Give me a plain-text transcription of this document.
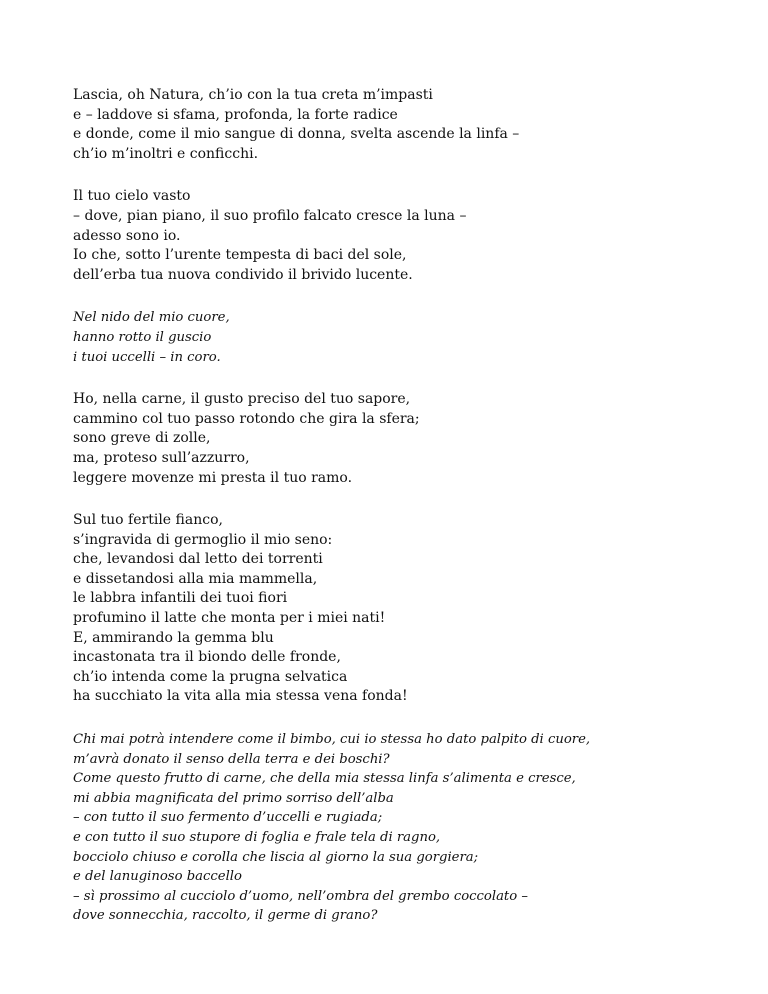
Lascia, oh Natura, ch’io con la tua creta m’impasti
e – laddove si sfama, profonda, la forte radice
e donde, come il mio sangue di donna, svelta ascende la linfa –
ch’io m’inoltri e conficchi.
Il tuo cielo vasto
– dove, pian piano, il suo profilo falcato cresce la luna –
adesso sono io.
Io che, sotto l’urente tempesta di baci del sole,
dell’erba tua nuova condivido il brivido lucente.
Nel nido del mio cuore,
hanno rotto il guscio
i tuoi uccelli – in coro.
Ho, nella carne, il gusto preciso del tuo sapore,
cammino col tuo passo rotondo che gira la sfera;
sono greve di zolle,
ma, proteso sull’azzurro,
leggere movenze mi presta il tuo ramo.
Sul tuo fertile fianco,
s’ingravida di germoglio il mio seno:
che, levandosi dal letto dei torrenti
e dissetandosi alla mia mammella,
le labbra infantili dei tuoi fiori
profumino il latte che monta per i miei nati!
E, ammirando la gemma blu
incastonata tra il biondo delle fronde,
ch’io intenda come la prugna selvatica
ha succhiato la vita alla mia stessa vena fonda!
Chi mai potrà intendere come il bimbo, cui io stessa ho dato palpito di cuore,
m’avrà donato il senso della terra e dei boschi?
Come questo frutto di carne, che della mia stessa linfa s’alimenta e cresce,
mi abbia magnificata del primo sorriso dell’alba
– con tutto il suo fermento d’uccelli e rugiada;
e con tutto il suo stupore di foglia e frale tela di ragno,
bocciolo chiuso e corolla che liscia al giorno la sua gorgiera;
e del lanuginoso baccello
– sì prossimo al cucciolo d’uomo, nell’ombra del grembo coccolato –
dove sonnecchia, raccolto, il germe di grano?
